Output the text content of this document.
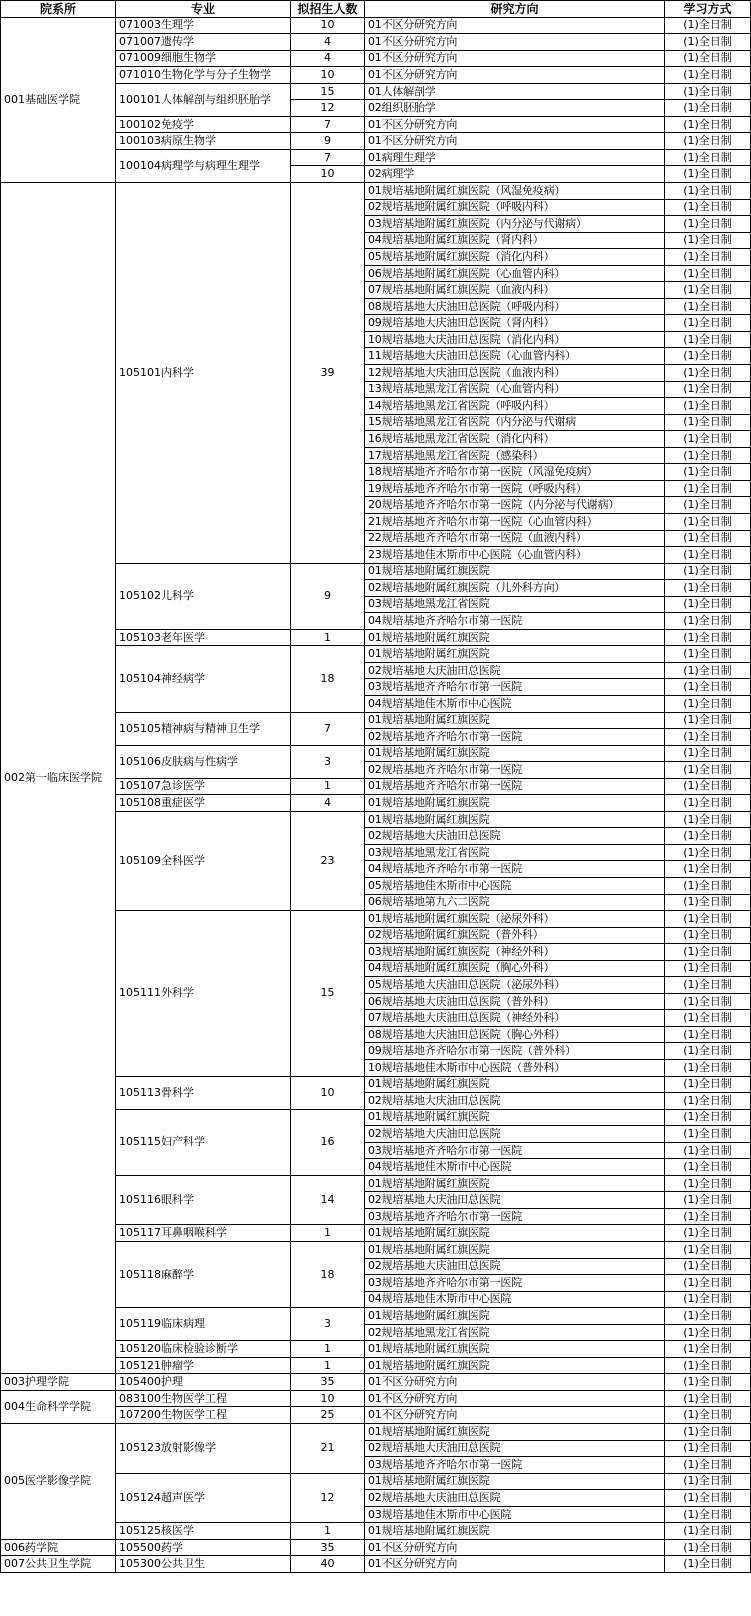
院系所	专业	拟招生人数	研究方向	学习方式
001基础医学院	071003生理学	10	01不区分研究方向	(1)全日制
	071007遗传学	4	01不区分研究方向	(1)全日制
	071009细胞生物学	4	01不区分研究方向	(1)全日制
	071010生物化学与分子生物学	10	01不区分研究方向	(1)全日制
	100101人体解剖与组织胚胎学	15	01人体解剖学	(1)全日制
		12	02组织胚胎学	(1)全日制
	100102免疫学	7	01不区分研究方向	(1)全日制
	100103病原生物学	9	01不区分研究方向	(1)全日制
	100104病理学与病理生理学	7	01病理生理学	(1)全日制
		10	02病理学	(1)全日制
002第一临床医学院	105101内科学	39	01规培基地附属红旗医院（风湿免疫病）	(1)全日制
			02规培基地附属红旗医院（呼吸内科）	(1)全日制
			03规培基地附属红旗医院（内分泌与代谢病）	(1)全日制
			04规培基地附属红旗医院（肾内科）	(1)全日制
			05规培基地附属红旗医院（消化内科）	(1)全日制
			06规培基地附属红旗医院（心血管内科）	(1)全日制
			07规培基地附属红旗医院（血液内科）	(1)全日制
			08规培基地大庆油田总医院（呼吸内科）	(1)全日制
			09规培基地大庆油田总医院（肾内科）	(1)全日制
			10规培基地大庆油田总医院（消化内科）	(1)全日制
			11规培基地大庆油田总医院（心血管内科）	(1)全日制
			12规培基地大庆油田总医院（血液内科）	(1)全日制
			13规培基地黑龙江省医院（心血管内科）	(1)全日制
			14规培基地黑龙江省医院（呼吸内科）	(1)全日制
			15规培基地黑龙江省医院（内分泌与代谢病	(1)全日制
			16规培基地黑龙江省医院（消化内科）	(1)全日制
			17规培基地黑龙江省医院（感染科）	(1)全日制
			18规培基地齐齐哈尔市第一医院（风湿免疫病）	(1)全日制
			19规培基地齐齐哈尔市第一医院（呼吸内科）	(1)全日制
			20规培基地齐齐哈尔市第一医院（内分泌与代谢病）	(1)全日制
			21规培基地齐齐哈尔市第一医院（心血管内科）	(1)全日制
			22规培基地齐齐哈尔市第一医院（血液内科）	(1)全日制
			23规培基地佳木斯市中心医院（心血管内科）	(1)全日制
	105102儿科学	9	01规培基地附属红旗医院	(1)全日制
			02规培基地附属红旗医院（儿外科方向）	(1)全日制
			03规培基地黑龙江省医院	(1)全日制
			04规培基地齐齐哈尔市第一医院	(1)全日制
	105103老年医学	1	01规培基地附属红旗医院	(1)全日制
	105104神经病学	18	01规培基地附属红旗医院	(1)全日制
			02规培基地大庆油田总医院	(1)全日制
			03规培基地齐齐哈尔市第一医院	(1)全日制
			04规培基地佳木斯市中心医院	(1)全日制
	105105精神病与精神卫生学	7	01规培基地附属红旗医院	(1)全日制
			02规培基地齐齐哈尔市第一医院	(1)全日制
	105106皮肤病与性病学	3	01规培基地附属红旗医院	(1)全日制
			02规培基地齐齐哈尔市第一医院	(1)全日制
	105107急诊医学	1	01规培基地齐齐哈尔市第一医院	(1)全日制
	105108重症医学	4	01规培基地附属红旗医院	(1)全日制
	105109全科医学	23	01规培基地附属红旗医院	(1)全日制
			02规培基地大庆油田总医院	(1)全日制
			03规培基地黑龙江省医院	(1)全日制
			04规培基地齐齐哈尔市第一医院	(1)全日制
			05规培基地佳木斯市中心医院	(1)全日制
			06规培基地第九六二医院	(1)全日制
	105111外科学	15	01规培基地附属红旗医院（泌尿外科）	(1)全日制
			02规培基地附属红旗医院（普外科）	(1)全日制
			03规培基地附属红旗医院（神经外科）	(1)全日制
			04规培基地附属红旗医院（胸心外科）	(1)全日制
			05规培基地大庆油田总医院（泌尿外科）	(1)全日制
			06规培基地大庆油田总医院（普外科）	(1)全日制
			07规培基地大庆油田总医院（神经外科）	(1)全日制
			08规培基地大庆油田总医院（胸心外科）	(1)全日制
			09规培基地齐齐哈尔市第一医院（普外科）	(1)全日制
			10规培基地佳木斯市中心医院（普外科）	(1)全日制
	105113骨科学	10	01规培基地附属红旗医院	(1)全日制
			02规培基地大庆油田总医院	(1)全日制
	105115妇产科学	16	01规培基地附属红旗医院	(1)全日制
			02规培基地大庆油田总医院	(1)全日制
			03规培基地齐齐哈尔市第一医院	(1)全日制
			04规培基地佳木斯市中心医院	(1)全日制
	105116眼科学	14	01规培基地附属红旗医院	(1)全日制
			02规培基地大庆油田总医院	(1)全日制
			03规培基地齐齐哈尔市第一医院	(1)全日制
	105117耳鼻咽喉科学	1	01规培基地附属红旗医院	(1)全日制
	105118麻醉学	18	01规培基地附属红旗医院	(1)全日制
			02规培基地大庆油田总医院	(1)全日制
			03规培基地齐齐哈尔市第一医院	(1)全日制
			04规培基地佳木斯市中心医院	(1)全日制
	105119临床病理	3	01规培基地附属红旗医院	(1)全日制
			02规培基地黑龙江省医院	(1)全日制
	105120临床检验诊断学	1	01规培基地附属红旗医院	(1)全日制
	105121肿瘤学	1	01规培基地附属红旗医院	(1)全日制
003护理学院	105400护理	35	01不区分研究方向	(1)全日制
004生命科学学院	083100生物医学工程	10	01不区分研究方向	(1)全日制
	107200生物医学工程	25	01不区分研究方向	(1)全日制
005医学影像学院	105123放射影像学	21	01规培基地附属红旗医院	(1)全日制
			02规培基地大庆油田总医院	(1)全日制
			03规培基地齐齐哈尔市第一医院	(1)全日制
	105124超声医学	12	01规培基地附属红旗医院	(1)全日制
			02规培基地大庆油田总医院	(1)全日制
			03规培基地佳木斯市中心医院	(1)全日制
	105125核医学	1	01规培基地附属红旗医院	(1)全日制
006药学院	105500药学	35	01不区分研究方向	(1)全日制
007公共卫生学院	105300公共卫生	40	01不区分研究方向	(1)全日制
